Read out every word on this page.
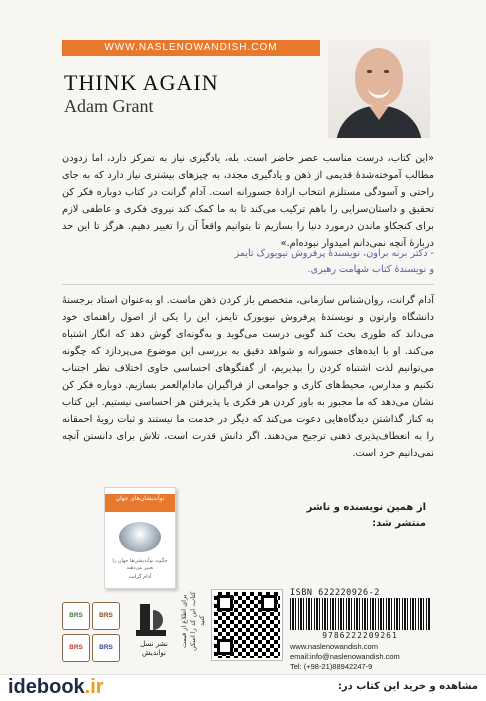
WWW.NASLENOWANDISH.COM
THINK AGAIN
Adam Grant
«این کتاب، درست مناسب عصر حاضر است. بله، یادگیری نیاز به تمرکز دارد، اما زدودن مطالب آموخته‌شدهٔ قدیمی از ذهن و یادگیری مجدد، به چیزهای بیشتری نیاز دارد که به جای راحتی و آسودگی مستلزم انتخاب ارادهٔ جسورانه است. آدام گرانت در کتاب دوباره فکر کن تحقیق و داستان‌سرایی را باهم ترکیب می‌کند تا به ما کمک کند نیروی فکری و عاطفی لازم برای کنجکاو ماندن درمورد دنیا را بسازیم تا بتوانیم واقعاً آن را تغییر دهیم. هرگز تا این حد دربارهٔ آنچه نمی‌دانم امیدوار نبوده‌ام.»
- دکتر برنه براون، نویسندهٔ پرفروش نیویورک تایمز
و نویسندهٔ کتاب شهامت رهبری.
آدام گرانت، روان‌شناس سازمانی، متخصص باز کردن ذهن ماست. او به‌عنوان استاد برجستهٔ دانشگاه وارتون و نویسندهٔ پرفروش نیویورک تایمز، این را یکی از اصول راهنمای خود می‌داند که طوری بحث کند گویی درست می‌گوید و به‌گونه‌ای گوش دهد که انگار اشتباه می‌کند. او با ایده‌های جسورانه و شواهد دقیق به بررسی این موضوع می‌پردازد که چگونه می‌توانیم لذت اشتباه کردن را بپذیریم، از گفتگوهای احساسی حاوی اختلاف نظر اجتناب نکنیم و مدارس، محیط‌های کاری و جوامعی از فراگیران مادام‌العمر بسازیم. دوباره فکر کن نشان می‌دهد که ما مجبور به باور کردن هر فکری یا پذیرفتن هر احساسی نیستیم. این کتاب به کنار گذاشتن دیدگاه‌هایی دعوت می‌کند که دیگر در خدمت ما نیستند و ثبات رویهٔ احمقانه را به انعطاف‌پذیری ذهنی ترجیح می‌دهند. اگر دانش قدرت است، تلاش برای دانستن آنچه نمی‌دانیم خرد است.
از همین نویسنده و ناشر
منتشر شد:
نوآندیشان‌های جهان
چگونه نوآندیشی‌ها جهان را تغییر می‌دهند
آدام گرانت
ISBN 622220926-2
9786222209261
www.naslenowandish.com
email:info@naslenowandish.com
Tel: (+98-21)88942247-9
برای اطلاع از قیمت کتاب، این کد را اسکن کنید
نشر نسل نواندیش
BRS	BRS
BRS	BRS
idebook.ir	مشاهده و خرید این کتاب در:
